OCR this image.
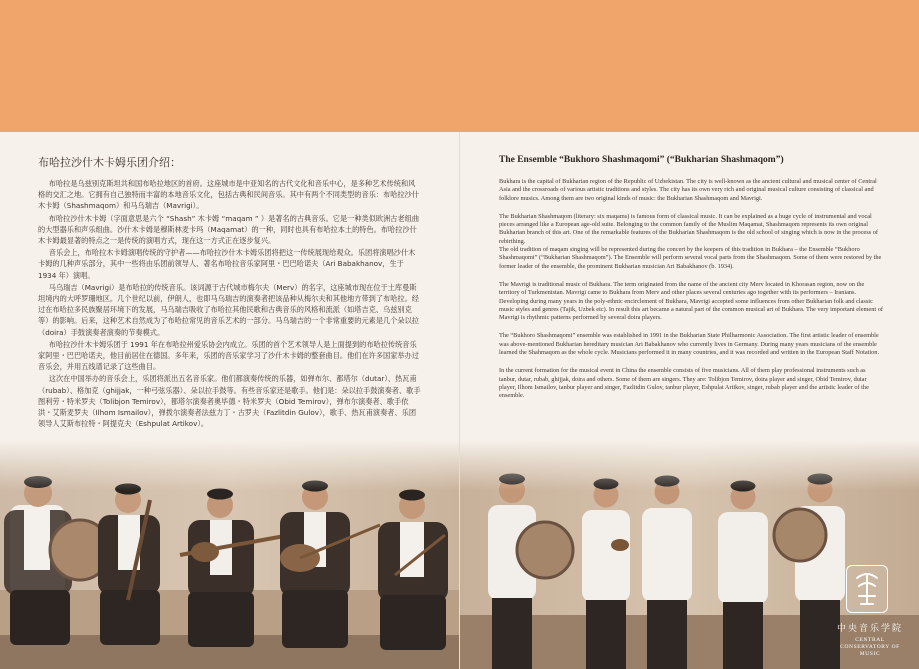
布哈拉沙什木卡姆乐团介绍：

布哈拉是乌兹别克斯坦共和国布哈拉地区的首府。这座城市是中亚知名的古代文化和音乐中心，是多种艺术传统和风格的交汇之地。它拥有自己独特而丰富的本地音乐文化，包括古典和民间音乐。其中有两个不同类型的音乐：布哈拉沙什木卡姆（Shashmaqom）和马乌瑞吉（Mavrigi）。

布哈拉沙什木卡姆（字面意思是六个 “Shash” 木卡姆 “maqam ” ）是著名的古典音乐。它是一种类似欧洲古老组曲的大型器乐和声乐组曲。沙什木卡姆是穆斯林麦卡玛（Maqamat）的一种，同时也具有布哈拉本土的特色。布哈拉沙什木卡姆最显著的特点之一是传统的演唱方式，现在这一方式正在逐步复兴。

音乐会上，布哈拉木卡姆演唱传统的守护者——布哈拉沙什木卡姆乐团将把这一传统展现给观众。乐团将演唱沙什木卡姆的几种声乐部分，其中一些将由乐团前领导人、著名布哈拉音乐家阿里・巴巴哈诺夫（Ari Babakhanov，生于 1934 年）演唱。

马乌瑞吉（Mavrigi）是布哈拉的传统音乐。该词源于古代城市梅尔夫（Merv）的名字，这座城市现在位于土库曼斯坦境内的大呼罗珊地区。几个世纪以前，伊朗人，也即马乌瑞吉的演奏者把该品种从梅尔夫和其他地方带到了布哈拉。经过在布哈拉多民族聚居环境下的发展，马乌瑞吉吸收了布哈拉其他民歌和古典音乐的风格和流派（如塔吉克、乌兹别克等）的影响。后来，这种艺术自然成为了布哈拉常见的音乐艺术的一部分。马乌瑞吉的一个非常重要的元素是几个朵以拉（doira）手鼓演奏者演奏的节奏模式。

布哈拉沙什木卡姆乐团于 1991 年在布哈拉州爱乐协会内成立。乐团的首个艺术领导人是上面提到的布哈拉传统音乐家阿里・巴巴哈诺夫，他目前居住在德国。多年来，乐团的音乐家学习了沙什木卡姆的整套曲目。他们在许多国家举办过音乐会，并用五线谱记录了这些曲目。

这次在中国举办的音乐会上，乐团将派出五名音乐家。他们都演奏传统的乐器，如弹布尔、都塔尔（dutar）、热瓦甫（rubab）、格加克（ghijjak，一种弓弦乐器）、朵以拉手鼓等。有些音乐家还是歌手。他们是：朵以拉手鼓演奏者、歌手图利劳・特米罗夫（Tolibjon Temirov），都塔尔演奏者奥毕德・特米罗夫（Obid Temirov），弹布尔演奏者、歌手依洪・艾斯麦罗夫（Ilhom Ismailov），弹拨尔演奏者法兹力丁・古罗夫（Fazlitdin Gulov），歌手、热瓦甫演奏者、乐团领导人艾斯布拉特・阿提克夫（Eshpulat Artikov）。

The Ensemble “Bukhoro Shashmaqomi” (“Bukharian Shashmaqom”)

Bukhara is the capital of Bukharian region of the Republic of Uzbekistan. The city is well-known as the ancient cultural and musical center of Central Asia and the crossroads of various artistic traditions and styles. The city has its own very rich and original musical culture consisting of classical and folklore musics. Among them are two original kinds of music: the Bukharian Shashmaqom and Mavrigi.

The Bukharian Shashmaqom (literary: six maqams) is famous form of classical music. It can be explained as a huge cycle of instrumental and vocal pieces arranged like a European age-old suite. Belonging to the common family of the Muslim Maqamat, Shashmaqom represents its own original Bukharian branch of this art. One of the remarkable features of the Bukharian Shashmaqom is the old school of singing which is now in the process of rebirthing.
The old tradition of maqam singing will be represented during the concert by the keepers of this tradition in Bukhara – the Ensemble “Bukhoro Shashmaqomi” (“Bukharian Shashmaqom”). The Ensemble will perform several vocal parts from the Shashmaqom. Some of them were restored by the former leader of the ensemble, the prominent Bukharian musician Ari Babakhanov (b. 1934).

The Mavrigi is traditional music of Bukhara. The term originated from the name of the ancient city Merv located in Khorasan region, now on the territory of Turkmenistan. Mavrigi came to Bukhara from Merv and other places several centuries ago together with its performers – Iranians. Developing during many years in the poly-ethnic encirclement of Bukhara, Mavrigi accepted some influences from other Bukharian folk and classic music styles and genres (Tajik, Uzbek etc). In result this art became a natural part of the common musical art of Bukhara. The very important element of Mavrigi is rhythmic patterns performed by several doira players.

The “Bukhoro Shashmaqomi” ensemble was established in 1991 in the Bukharian State Philharmonic Association. The first artistic leader of ensemble was above-mentioned Bukharian hereditary musician Ari Babakhanov who currently lives in Germany. During many years musicians of the ensemble learned the Shahmaqom as the whole cycle. Musicians performed it in many countries, and it was recorded and written in the European Staff Notation.

In the current formation for the musical event in China the ensemble consists of five musicians. All of them play professional instruments such as tanbur, dutar, rubab, ghijjak, doira and others. Some of them are singers. They are: Tolibjon Temirov, doira player and singer, Obid Temirov, dutar player, Ilhom Ismailov, tanbur player and singer, Fazlitdin Gulov, tanbur player, Eshpulat Artikov, singer, rubab player and the artistic leader of the ensemble.

中央音乐学院
CENTRAL CONSERVATORY OF MUSIC
